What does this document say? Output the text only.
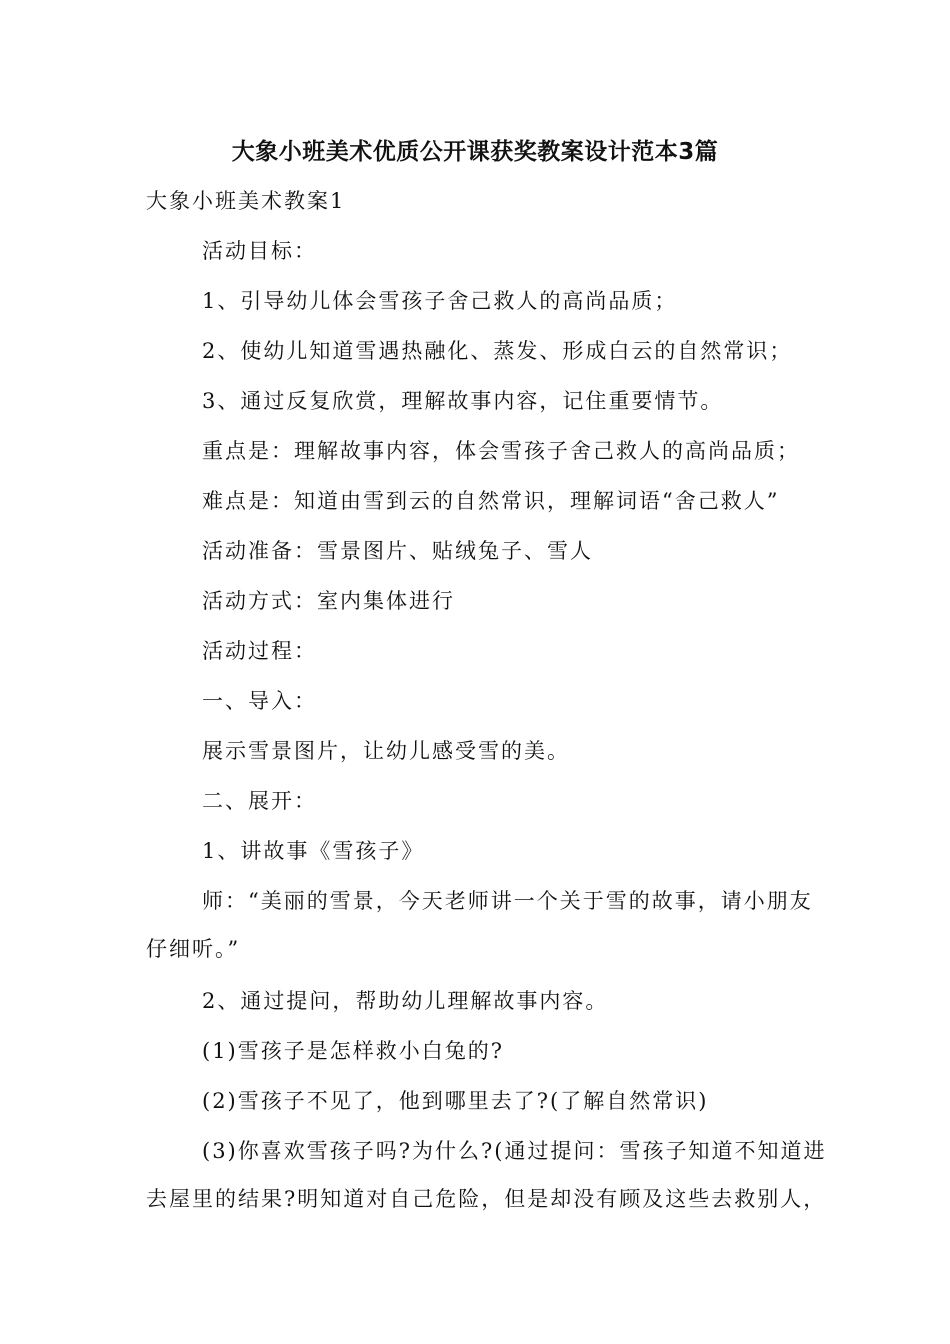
大象小班美术优质公开课获奖教案设计范本3篇
大象小班美术教案1
活动目标：
1、引导幼儿体会雪孩子舍己救人的高尚品质；
2、使幼儿知道雪遇热融化、蒸发、形成白云的自然常识；
3、通过反复欣赏，理解故事内容，记住重要情节。
重点是：理解故事内容，体会雪孩子舍己救人的高尚品质；
难点是：知道由雪到云的自然常识，理解词语“舍己救人”
活动准备：雪景图片、贴绒兔子、雪人
活动方式：室内集体进行
活动过程：
一、导入：
展示雪景图片，让幼儿感受雪的美。
二、展开：
1、讲故事《雪孩子》
师：“美丽的雪景，今天老师讲一个关于雪的故事，请小朋友
仔细听。”
2、通过提问，帮助幼儿理解故事内容。
(1)雪孩子是怎样救小白兔的?
(2)雪孩子不见了，他到哪里去了?(了解自然常识)
(3)你喜欢雪孩子吗?为什么?(通过提问：雪孩子知道不知道进
去屋里的结果?明知道对自己危险，但是却没有顾及这些去救别人，
